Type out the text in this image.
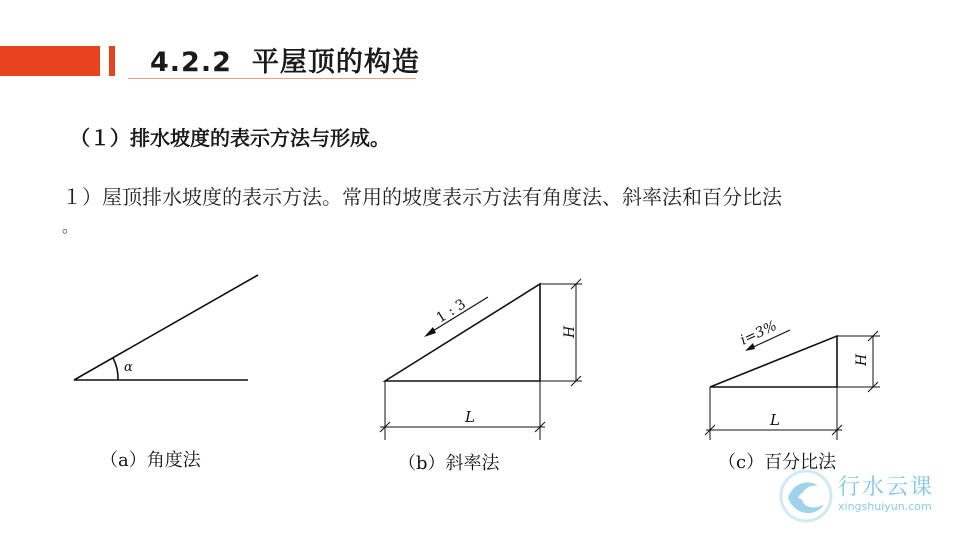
4.2.2 平屋顶的构造
（１）排水坡度的表示方法与形成。
１）屋顶排水坡度的表示方法。常用的坡度表示方法有角度法、斜率法和百分比法
。
α
1 : 3
H
L
i=3%
H
L
（a）角度法	（b）斜率法	（c）百分比法
行水云课
xingshuiyun.com
